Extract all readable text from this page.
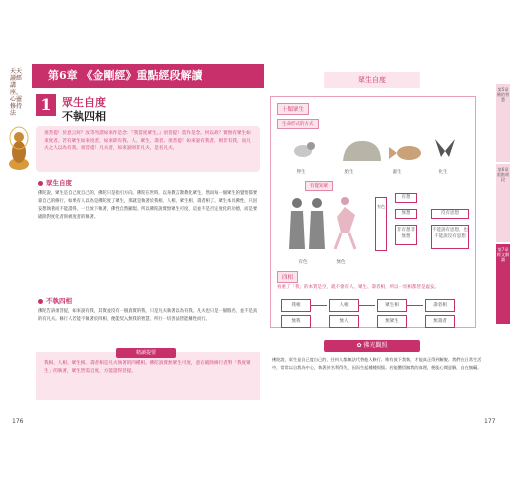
天天讀經講座，心靈修持法
第6章 《金剛經》重點經段解讀
1 眾生自度
不執四相
須菩提！於意云何？汝等勿謂如來作是念：『我當度眾生。』須菩提！莫作是念。何以故？實無有眾生如來度者。若有眾生如來度者，如來即有我、人、眾生、壽者。須菩提！如來說有我者，則非有我，而凡夫之人以為有我。須菩提！凡夫者，如來說則非凡夫，是名凡夫。
眾生自度
佛陀說，眾生是自己度自己的，佛陀只是指引方向。佛陀在世時，以身教言教教化眾生，然而每一個眾生的覺悟都要靠自己的修行。如果有人以為是佛陀度了眾生，那就是執著於我相、人相、眾生相、壽者相了。眾生本具佛性，只因妄想執著而不能證得，一旦放下執著，佛性自然顯現。所以佛陀說實無眾生可度，這並不是否定度化的功德，而是要破除對度化者與被度者的執著。
不執四相
佛陀告訴須菩提，如來說有我，其實並沒有一個真實的我，只是凡夫執著以為有我。凡夫也只是一個假名，並不是真的有凡夫。修行人若能不執著於四相，便能契入無我的智慧，所行一切善法皆能稱性而行。
精讀提要
我相、人相、眾生相、壽者相是凡夫執著的四種相。佛陀說實無眾生可度，意在破除修行者對「我度眾生」的執著，眾生皆需自度，方能證得菩提。
176
眾生自度
十類眾生
生命形式的方式
卵生	胎生	濕生	化生
有覺知眾
有色	無色
有色
有想
無想
非有想非無想
沒有思想
不能說有思想，也不能說沒有思想
四相
看重了「我」的本質是空，就不會有人、眾生、壽者相，所以一切相都皆是虛妄。
我相	人相	眾生相	壽者相
無我	無人	無眾生	無壽者
✿ 佛光觀照
佛陀說，眾生是自己度自己的，任何人都無法代替他人修行。唯有放下我執，才能真正得到解脫。我們在日常生活中，常常以自我為中心，執著於名利得失，因而生起種種煩惱。若能體悟無我的真理，便能心開意解，自在無礙。
177
第5章 佛的智慧
第6章 重點經段
第7章 經文解讀
